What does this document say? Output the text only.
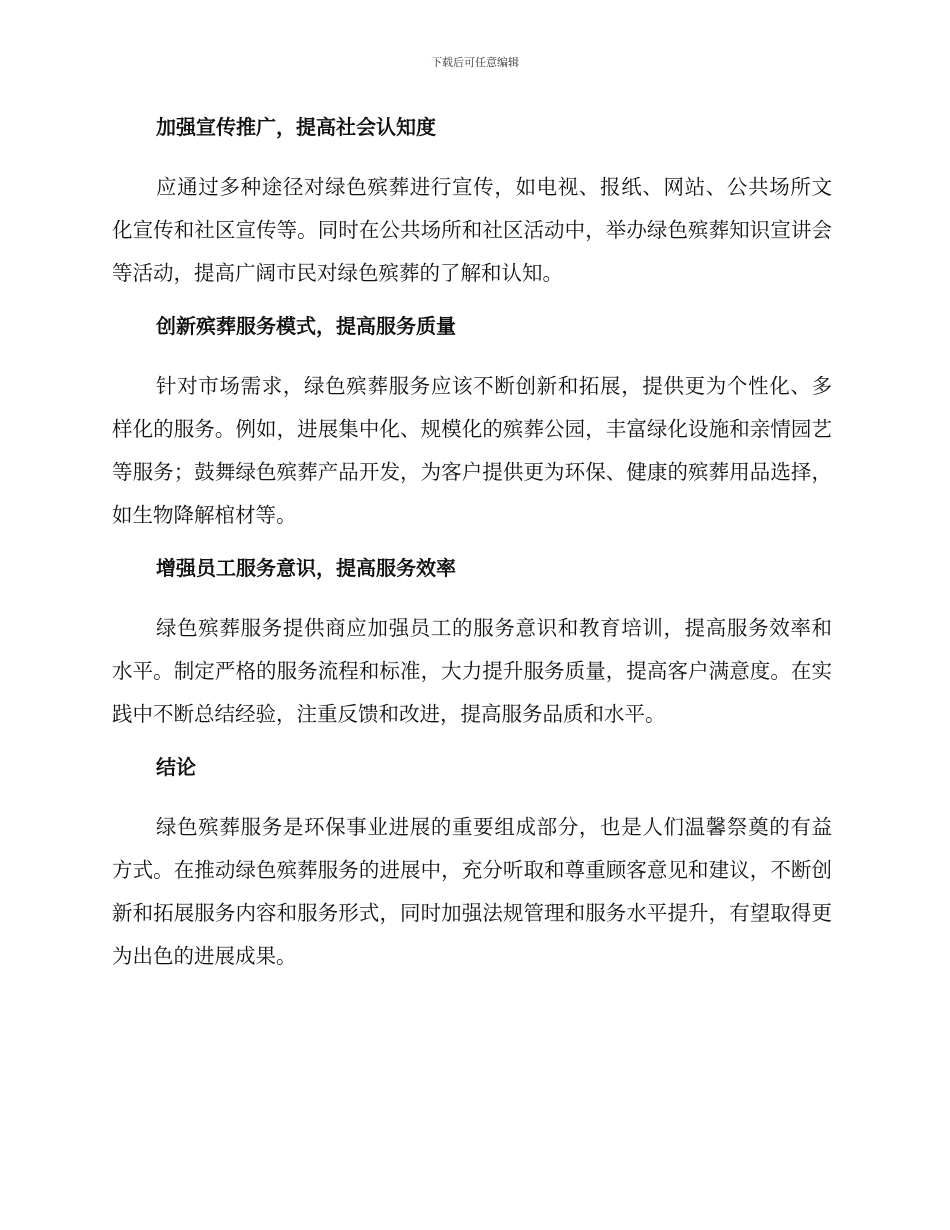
下载后可任意编辑
加强宣传推广，提高社会认知度

应通过多种途径对绿色殡葬进行宣传，如电视、报纸、网站、公共场所文化宣传和社区宣传等。同时在公共场所和社区活动中，举办绿色殡葬知识宣讲会等活动，提高广阔市民对绿色殡葬的了解和认知。

创新殡葬服务模式，提高服务质量

针对市场需求，绿色殡葬服务应该不断创新和拓展，提供更为个性化、多样化的服务。例如，进展集中化、规模化的殡葬公园，丰富绿化设施和亲情园艺等服务；鼓舞绿色殡葬产品开发，为客户提供更为环保、健康的殡葬用品选择，如生物降解棺材等。

增强员工服务意识，提高服务效率

绿色殡葬服务提供商应加强员工的服务意识和教育培训，提高服务效率和水平。制定严格的服务流程和标准，大力提升服务质量，提高客户满意度。在实践中不断总结经验，注重反馈和改进，提高服务品质和水平。

结论

绿色殡葬服务是环保事业进展的重要组成部分，也是人们温馨祭奠的有益方式。在推动绿色殡葬服务的进展中，充分听取和尊重顾客意见和建议，不断创新和拓展服务内容和服务形式，同时加强法规管理和服务水平提升，有望取得更为出色的进展成果。
